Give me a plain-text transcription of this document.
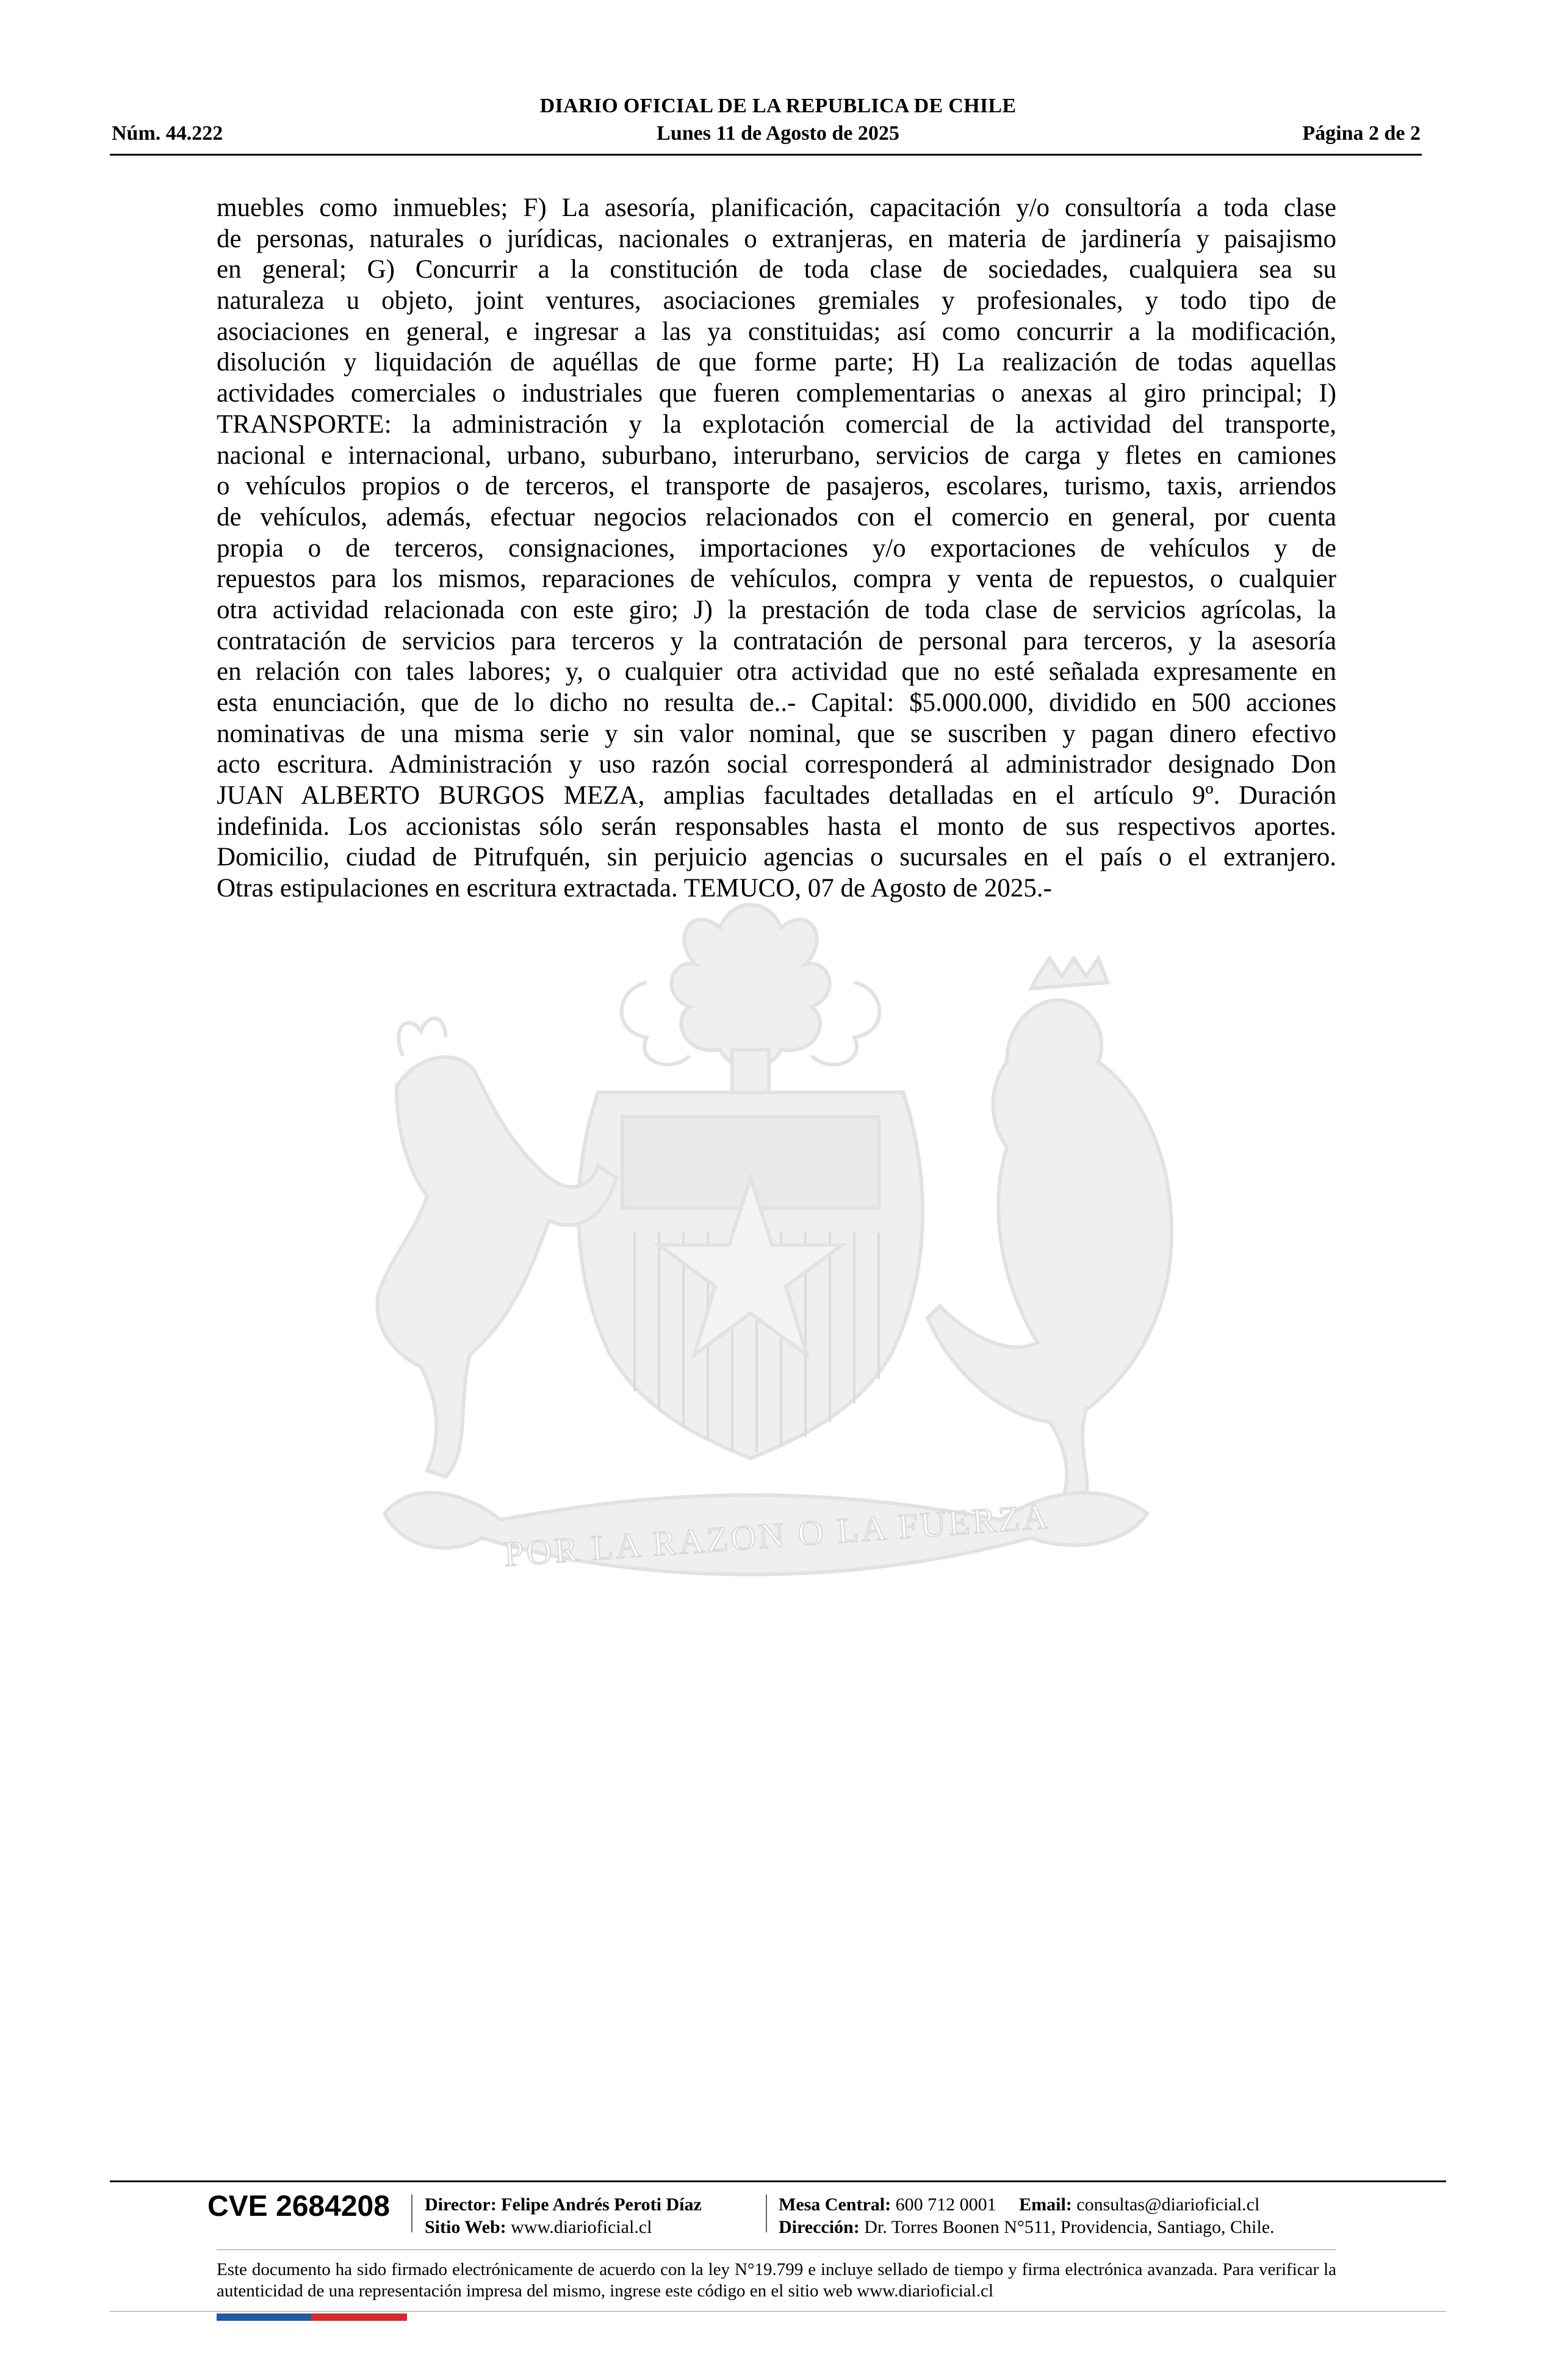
DIARIO OFICIAL DE LA REPUBLICA DE CHILE
Núm. 44.222	Lunes 11 de Agosto de 2025	Página 2 de 2
muebles como inmuebles; F) La asesoría, planificación, capacitación y/o consultoría a toda clase
de personas, naturales o jurídicas, nacionales o extranjeras, en materia de jardinería y paisajismo
en general; G) Concurrir a la constitución de toda clase de sociedades, cualquiera sea su
naturaleza u objeto, joint ventures, asociaciones gremiales y profesionales, y todo tipo de
asociaciones en general, e ingresar a las ya constituidas; así como concurrir a la modificación,
disolución y liquidación de aquéllas de que forme parte; H) La realización de todas aquellas
actividades comerciales o industriales que fueren complementarias o anexas al giro principal; I)
TRANSPORTE: la administración y la explotación comercial de la actividad del transporte,
nacional e internacional, urbano, suburbano, interurbano, servicios de carga y fletes en camiones
o vehículos propios o de terceros, el transporte de pasajeros, escolares, turismo, taxis, arriendos
de vehículos, además, efectuar negocios relacionados con el comercio en general, por cuenta
propia o de terceros, consignaciones, importaciones y/o exportaciones de vehículos y de
repuestos para los mismos, reparaciones de vehículos, compra y venta de repuestos, o cualquier
otra actividad relacionada con este giro; J) la prestación de toda clase de servicios agrícolas, la
contratación de servicios para terceros y la contratación de personal para terceros, y la asesoría
en relación con tales labores; y, o cualquier otra actividad que no esté señalada expresamente en
esta enunciación, que de lo dicho no resulta de..- Capital: $5.000.000, dividido en 500 acciones
nominativas de una misma serie y sin valor nominal, que se suscriben y pagan dinero efectivo
acto escritura. Administración y uso razón social corresponderá al administrador designado Don
JUAN ALBERTO BURGOS MEZA, amplias facultades detalladas en el artículo 9º. Duración
indefinida. Los accionistas sólo serán responsables hasta el monto de sus respectivos aportes.
Domicilio, ciudad de Pitrufquén, sin perjuicio agencias o sucursales en el país o el extranjero.
Otras estipulaciones en escritura extractada. TEMUCO, 07 de Agosto de 2025.-
POR LA RAZON O LA FUERZA
CVE 2684208 Director: Felipe Andrés Peroti Díaz
Sitio Web: www.diarioficial.cl
Mesa Central: 600 712 0001 Email: consultas@diarioficial.cl
Dirección: Dr. Torres Boonen N°511, Providencia, Santiago, Chile.
Este documento ha sido firmado electrónicamente de acuerdo con la ley N°19.799 e incluye sellado de tiempo y firma electrónica avanzada. Para verificar la autenticidad de una representación impresa del mismo, ingrese este código en el sitio web www.diarioficial.cl
